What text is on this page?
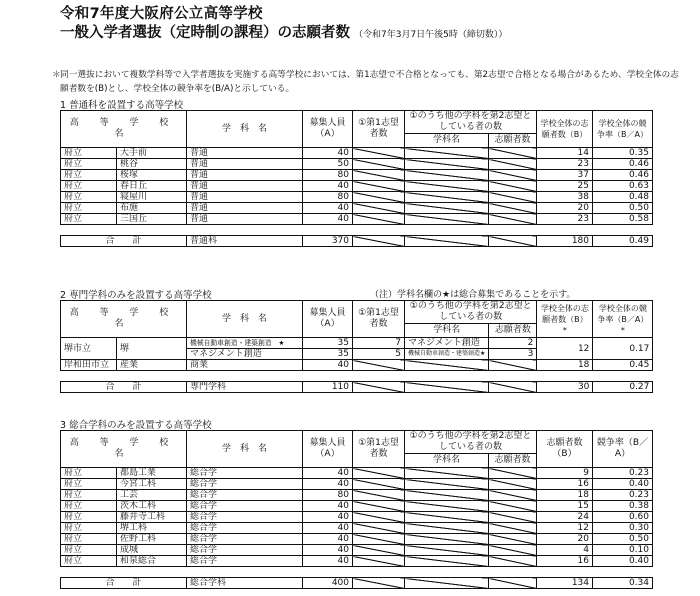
令和7年度大阪府公立高等学校
一般入学者選抜（定時制の課程）の志願者数 （令和7年3月7日午後5時（締切数））
＊ 同一選抜において複数学科等で入学者選抜を実施する高等学校においては、第1志望で不合格となっても、第2志望で合格となる場合があるため、学校全体の志願者数を(B)とし、学校全体の競争率を(B/A)と示している。
1 普通科を設置する高等学校
高 等 学 校 名		学　科　名	募集人員（A）	①第1志望者数	①のうち他の学科を第2志望としている者の数		学校全体の志願者数（B）	学校全体の競争率（B／A）
					学科名	志願者数		
府立	大手前	普通	40				14	0.35
府立	桃谷	普通	50				23	0.46
府立	桜塚	普通	80				37	0.46
府立	春日丘	普通	40				25	0.63
府立	寝屋川	普通	80				38	0.48
府立	布施	普通	40				20	0.50
府立	三国丘	普通	40				23	0.58

合　　計		普通科	370				180	0.49
2 専門学科のみを設置する高等学校	（注）学科名欄の★は総合募集であることを示す。
高 等 学 校 名		学　科　名	募集人員（A）	①第1志望者数	①のうち他の学科を第2志望としている者の数		学校全体の志願者数（B）*	学校全体の競争率（B／A）*
					学科名	志願者数		
堺市立	堺	機械自動車創造・建築創造　★	35	7	マネジメント創造	2	12	0.17
		マネジメント創造	35	5	機械自動車創造・建築創造★	3		
岸和田市立	産業	商業	40				18	0.45

合　　計		専門学科	110				30	0.27
3 総合学科のみを設置する高等学校
高 等 学 校 名		学　科　名	募集人員（A）	①第1志望者数	①のうち他の学科を第2志望としている者の数		志願者数（B）	競争率（B／A）
					学科名	志願者数		
府立	都島工業	総合学	40				9	0.23
府立	今宮工科	総合学	40				16	0.40
府立	工芸	総合学	80				18	0.23
府立	茨木工科	総合学	40				15	0.38
府立	藤井寺工科	総合学	40				24	0.60
府立	堺工科	総合学	40				12	0.30
府立	佐野工科	総合学	40				20	0.50
府立	成城	総合学	40				4	0.10
府立	和泉総合	総合学	40				16	0.40

合　　計		総合学科	400				134	0.34
